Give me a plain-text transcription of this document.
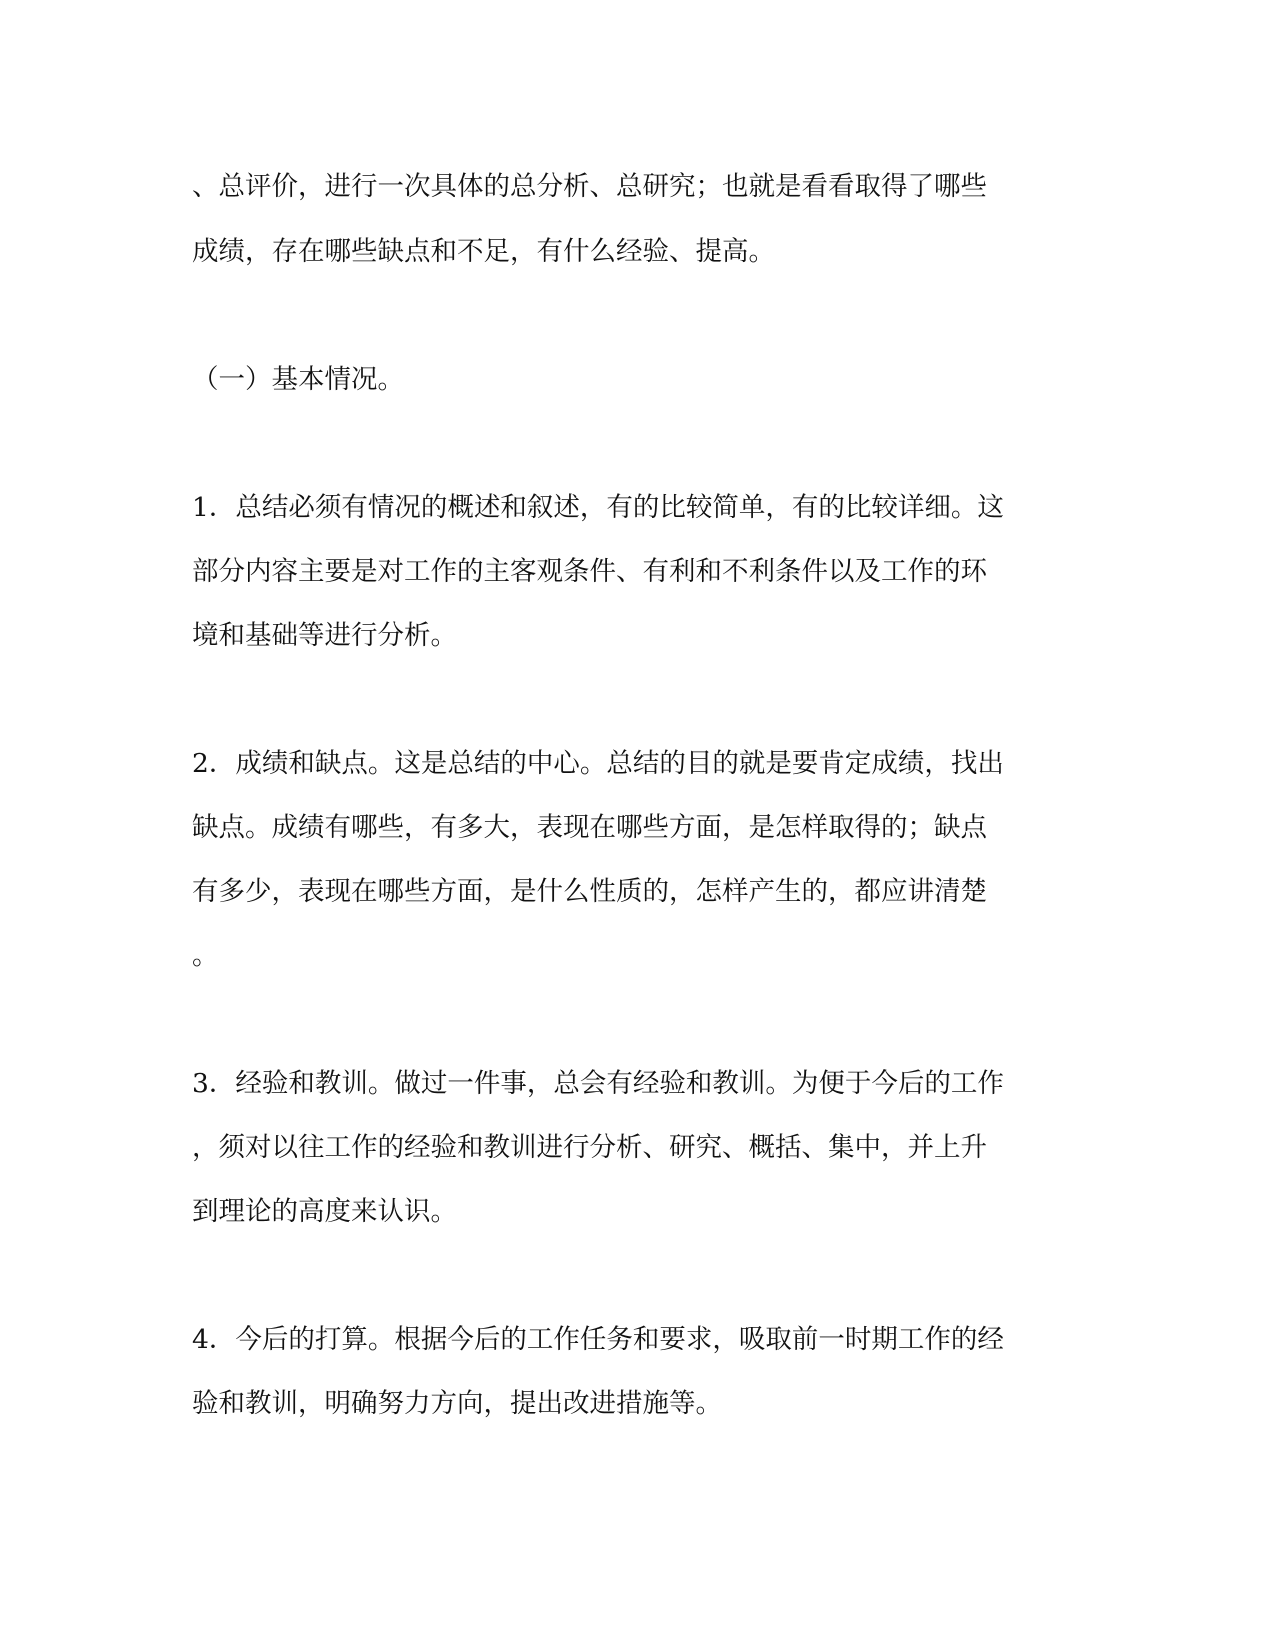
、总评价，进行一次具体的总分析、总研究；也就是看看取得了哪些
成绩，存在哪些缺点和不足，有什么经验、提高。
（一）基本情况。
1．总结必须有情况的概述和叙述，有的比较简单，有的比较详细。这
部分内容主要是对工作的主客观条件、有利和不利条件以及工作的环
境和基础等进行分析。
2．成绩和缺点。这是总结的中心。总结的目的就是要肯定成绩，找出
缺点。成绩有哪些，有多大，表现在哪些方面，是怎样取得的；缺点
有多少，表现在哪些方面，是什么性质的，怎样产生的，都应讲清楚
。
3．经验和教训。做过一件事，总会有经验和教训。为便于今后的工作
，须对以往工作的经验和教训进行分析、研究、概括、集中，并上升
到理论的高度来认识。
4．今后的打算。根据今后的工作任务和要求，吸取前一时期工作的经
验和教训，明确努力方向，提出改进措施等。
